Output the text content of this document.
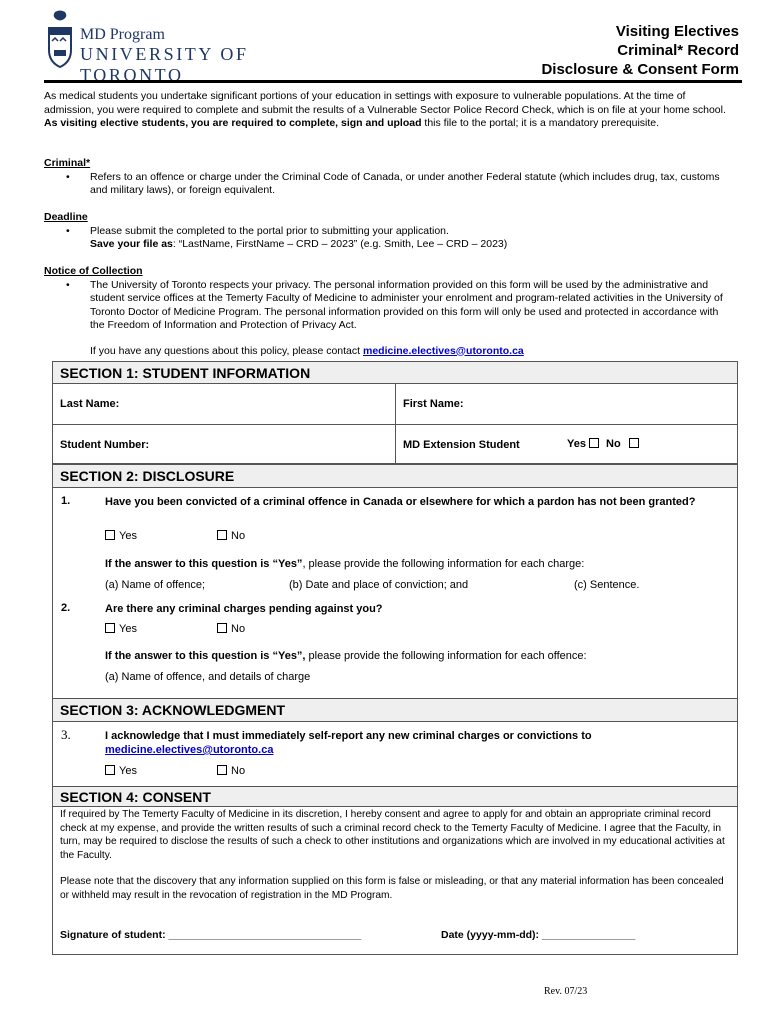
MD Program
UNIVERSITY OF TORONTO
Visiting Electives
Criminal* Record
Disclosure & Consent Form
As medical students you undertake significant portions of your education in settings with exposure to vulnerable populations. At the time of admission, you were required to complete and submit the results of a Vulnerable Sector Police Record Check, which is on file at your home school. As visiting elective students, you are required to complete, sign and upload this file to the portal; it is a mandatory prerequisite.
Criminal*
• Refers to an offence or charge under the Criminal Code of Canada, or under another Federal statute (which includes drug, tax, customs and military laws), or foreign equivalent.
Deadline
• Please submit the completed to the portal prior to submitting your application.
Save your file as: “LastName, FirstName – CRD – 2023” (e.g. Smith, Lee – CRD – 2023)
Notice of Collection
• The University of Toronto respects your privacy. The personal information provided on this form will be used by the administrative and student service offices at the Temerty Faculty of Medicine to administer your enrolment and program-related activities in the University of Toronto Doctor of Medicine Program. The personal information provided on this form will only be used and protected in accordance with the Freedom of Information and Protection of Privacy Act.
If you have any questions about this policy, please contact medicine.electives@utoronto.ca
SECTION 1: STUDENT INFORMATION
Last Name:	First Name:
Student Number:	MD Extension Student	Yes No
SECTION 2: DISCLOSURE
1.	Have you been convicted of a criminal offence in Canada or elsewhere for which a pardon has not been granted?
Yes	No
If the answer to this question is “Yes”, please provide the following information for each charge:
(a) Name of offence;	(b) Date and place of conviction; and	(c) Sentence.
2.	Are there any criminal charges pending against you?
Yes	No
If the answer to this question is “Yes”, please provide the following information for each offence:
(a) Name of offence, and details of charge
SECTION 3: ACKNOWLEDGMENT
3.	I acknowledge that I must immediately self-report any new criminal charges or convictions to
medicine.electives@utoronto.ca
Yes	No
SECTION 4: CONSENT

If required by The Temerty Faculty of Medicine in its discretion, I hereby consent and agree to apply for and obtain an appropriate criminal record check at my expense, and provide the written results of such a criminal record check to the Temerty Faculty of Medicine. I agree that the Faculty, in turn, may be required to disclose the results of such a check to other institutions and organizations which are involved in my educational activities at the Faculty.

Please note that the discovery that any information supplied on this form is false or misleading, or that any material information has been concealed or withheld may result in the revocation of registration in the MD Program.

Signature of student: _________________________________	Date (yyyy-mm-dd): ________________
Rev. 07/23
